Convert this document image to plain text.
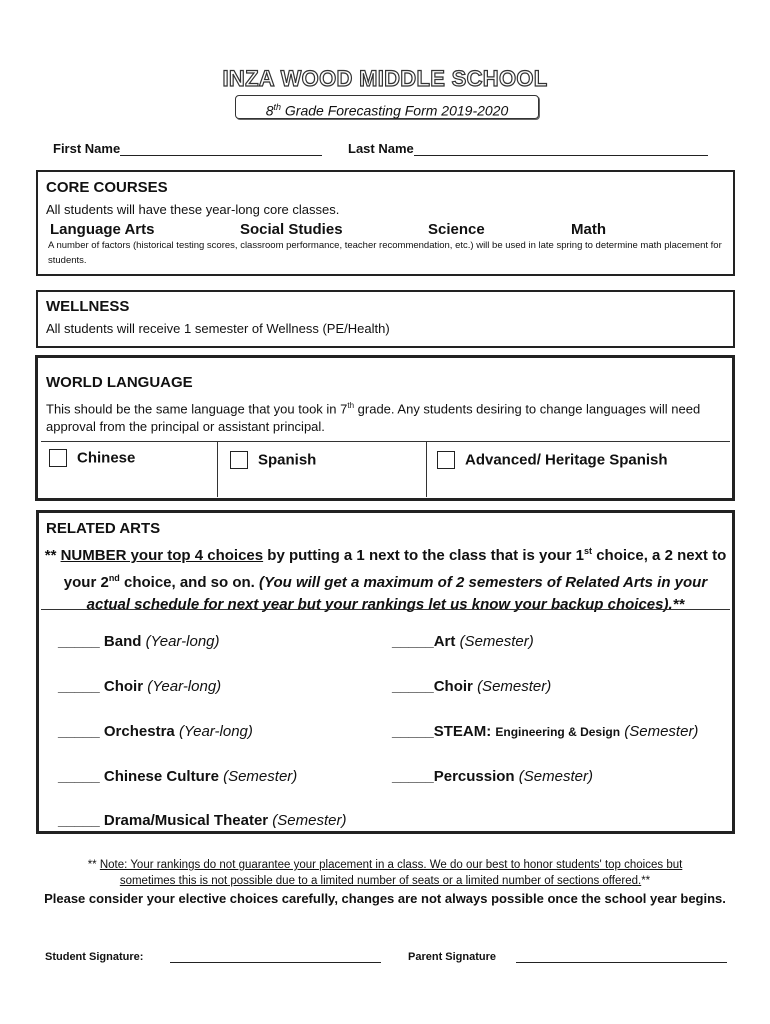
INZA WOOD MIDDLE SCHOOL
8th Grade Forecasting Form 2019-2020
First Name	Last Name
CORE COURSES
All students will have these year-long core classes.
Language Arts	Social Studies	Science	Math
A number of factors (historical testing scores, classroom performance, teacher recommendation, etc.) will be used in late spring to determine math placement for students.
WELLNESS
All students will receive 1 semester of Wellness (PE/Health)
WORLD LANGUAGE
This should be the same language that you took in 7th grade. Any students desiring to change languages will need approval from the principal or assistant principal.
Chinese	Spanish	Advanced/ Heritage Spanish
RELATED ARTS
** NUMBER your top 4 choices by putting a 1 next to the class that is your 1st choice, a 2 next to your 2nd choice, and so on. (You will get a maximum of 2 semesters of Related Arts in your actual schedule for next year but your rankings let us know your backup choices).**
_____ Band (Year-long)
_____ Choir (Year-long)
_____ Orchestra (Year-long)
_____ Chinese Culture (Semester)
_____ Drama/Musical Theater (Semester)
_____Art (Semester)
_____Choir (Semester)
_____STEAM: Engineering & Design (Semester)
_____Percussion (Semester)
** Note: Your rankings do not guarantee your placement in a class. We do our best to honor students' top choices but sometimes this is not possible due to a limited number of seats or a limited number of sections offered.**
Please consider your elective choices carefully, changes are not always possible once the school year begins.
Student Signature:	Parent Signature
